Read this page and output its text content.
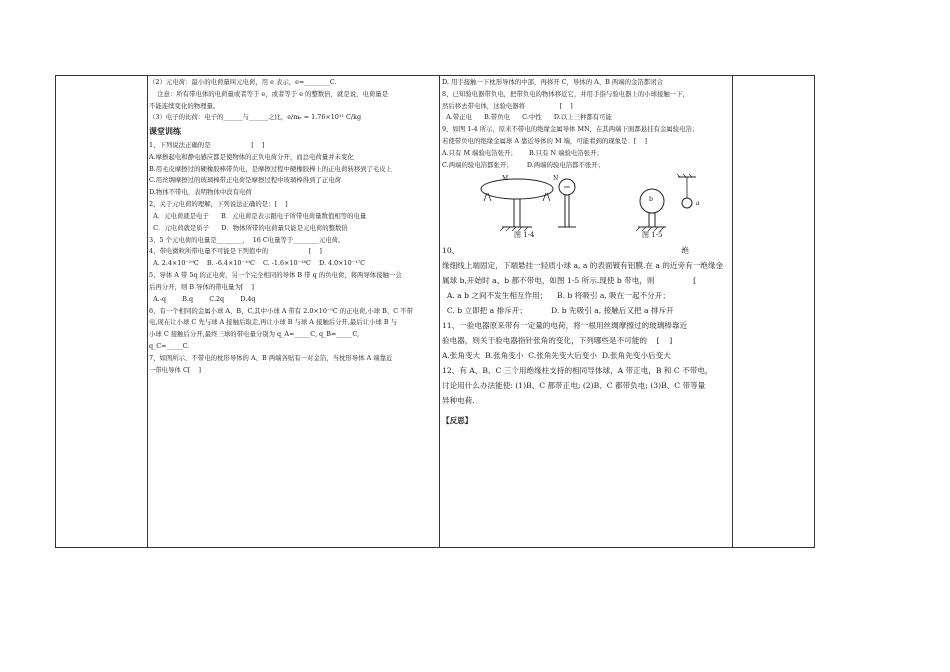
（2）元电荷：最小的电荷量叫元电荷，用 e 表示，e=________C.

注意：所有带电体的电荷量或者等于 e，或者等于 e 的整数倍，就是说，电荷量是

不能连续变化的物理量。

（3）电子的比荷：电子的______与______之比，e/mₑ = 1.76×10¹¹ C/kg

课堂训练

1、下列说法正确的是                    [    ]

A.摩擦起电和静电感应都是使物体的正负电荷分开，而总电荷量并未变化

B.用毛皮摩擦过的硬橡胶棒带负电，是摩擦过程中硬橡胶棒上的正电荷转移到了毛皮上

C.用丝绸摩擦过的玻璃棒带正电荷是摩擦过程中玻璃棒得到了正电荷

D.物体不带电，表明物体中没有电荷

2、关于元电荷的理解，下列说法正确的是：[    ]

A．元电荷就是电子      B．元电荷是表示跟电子所带电荷量数值相等的电量

C．元电荷就是质子      D．物体所带的电荷量只能是元电荷的整数倍

3、5 个元电荷的电量是________，  16 C电量等于________元电荷。

4、带电微粒所带电量不可能是下列值中的                    [    ]

A. 2.4×10⁻¹⁹C    B. -6.4×10⁻¹⁹C    C. -1.6×10⁻¹⁸C    D. 4.0×10⁻¹⁷C

5、导体 A 带 5q 的正电荷，另一个完全相同的导体 B 带 q 的负电荷，将两导体接触一会

后再分开，则 B 导体的带电量为[    ]

A.-q        B.q        C.2q        D.4q

6、有一个相同的金属小球 A、B、C,其中小球 A 带有 2.0×10⁻⁵C 的正电荷,小球 B、C 不带

电,现在让小球 C 先与球 A 接触后取走,再让小球 B 与球 A 接触后分开,最后让小球 B 与

小球 C 接触后分开,最终三球的带电量分别为 q_A=_____C, q_B=_____C,

q_C=_____C.

7、如图所示，不带电的枕形导体的 A、B 两端各贴有一对金箔，当枕形导体 A 端靠近

一带电导体 C[    ]

D. 用手接触一下枕形导体的中部，再移开 C，导体的 A、B 两端的金箔都闭合

8、已知验电器带负电，把带负电的物体移近它，并用手指与验电器上的小球接触一下，

然后移去带电体，这验电器将                 [    ]

A.带正电      B.带负电      C.中性      D.以上三种都有可能

9、如图 1-4 所示，原来不带电的绝缘金属导体 MN，在其两端下面都悬挂有金属验电箔；

若使带负电的绝缘金属球 A 靠近导体的 M 端，可能看到的现象是：[    ]

A.只有 M 端验电箔张开；      B.只有 N 端验电箔张开；

C.两端的验电箔都张开；       D.两端的验电箔都不张开；

M	N
b
a
图 1-4	图 1-5

10、                                                                                            绝

缘细线上端固定，下端悬挂一轻质小球 a, a 的表面镀有铝膜.在 a 的近旁有一绝缘金

属球 b,开始时 a、b 都不带电，如图 1-5 所示.现使 b 带电，则                [

A. a b 之间不发生相互作用；    B. b 将吸引 a, 吸在一起不分开；

C. b 立即把 a 排斥开；          D. b 先吸引 a, 接触后又把 a 排斥开

11、一验电器原来带有一定量的电荷，将一根用丝绸摩擦过的玻璃棒靠近

验电器，则关于验电器指针张角的变化，下列哪些是不可能的    [    ]

A.张角变大  B.张角变小  C.张角先变大后变小  D.张角先变小后变大

12、有 A、B、C 三个用绝缘柱支持的相同导体球，A 带正电，B 和 C 不带电，

讨论用什么办法能使: (1)B、C 都带正电; (2)B、C 都带负电; (3)B、C 带等量

异种电荷.

【反思】
